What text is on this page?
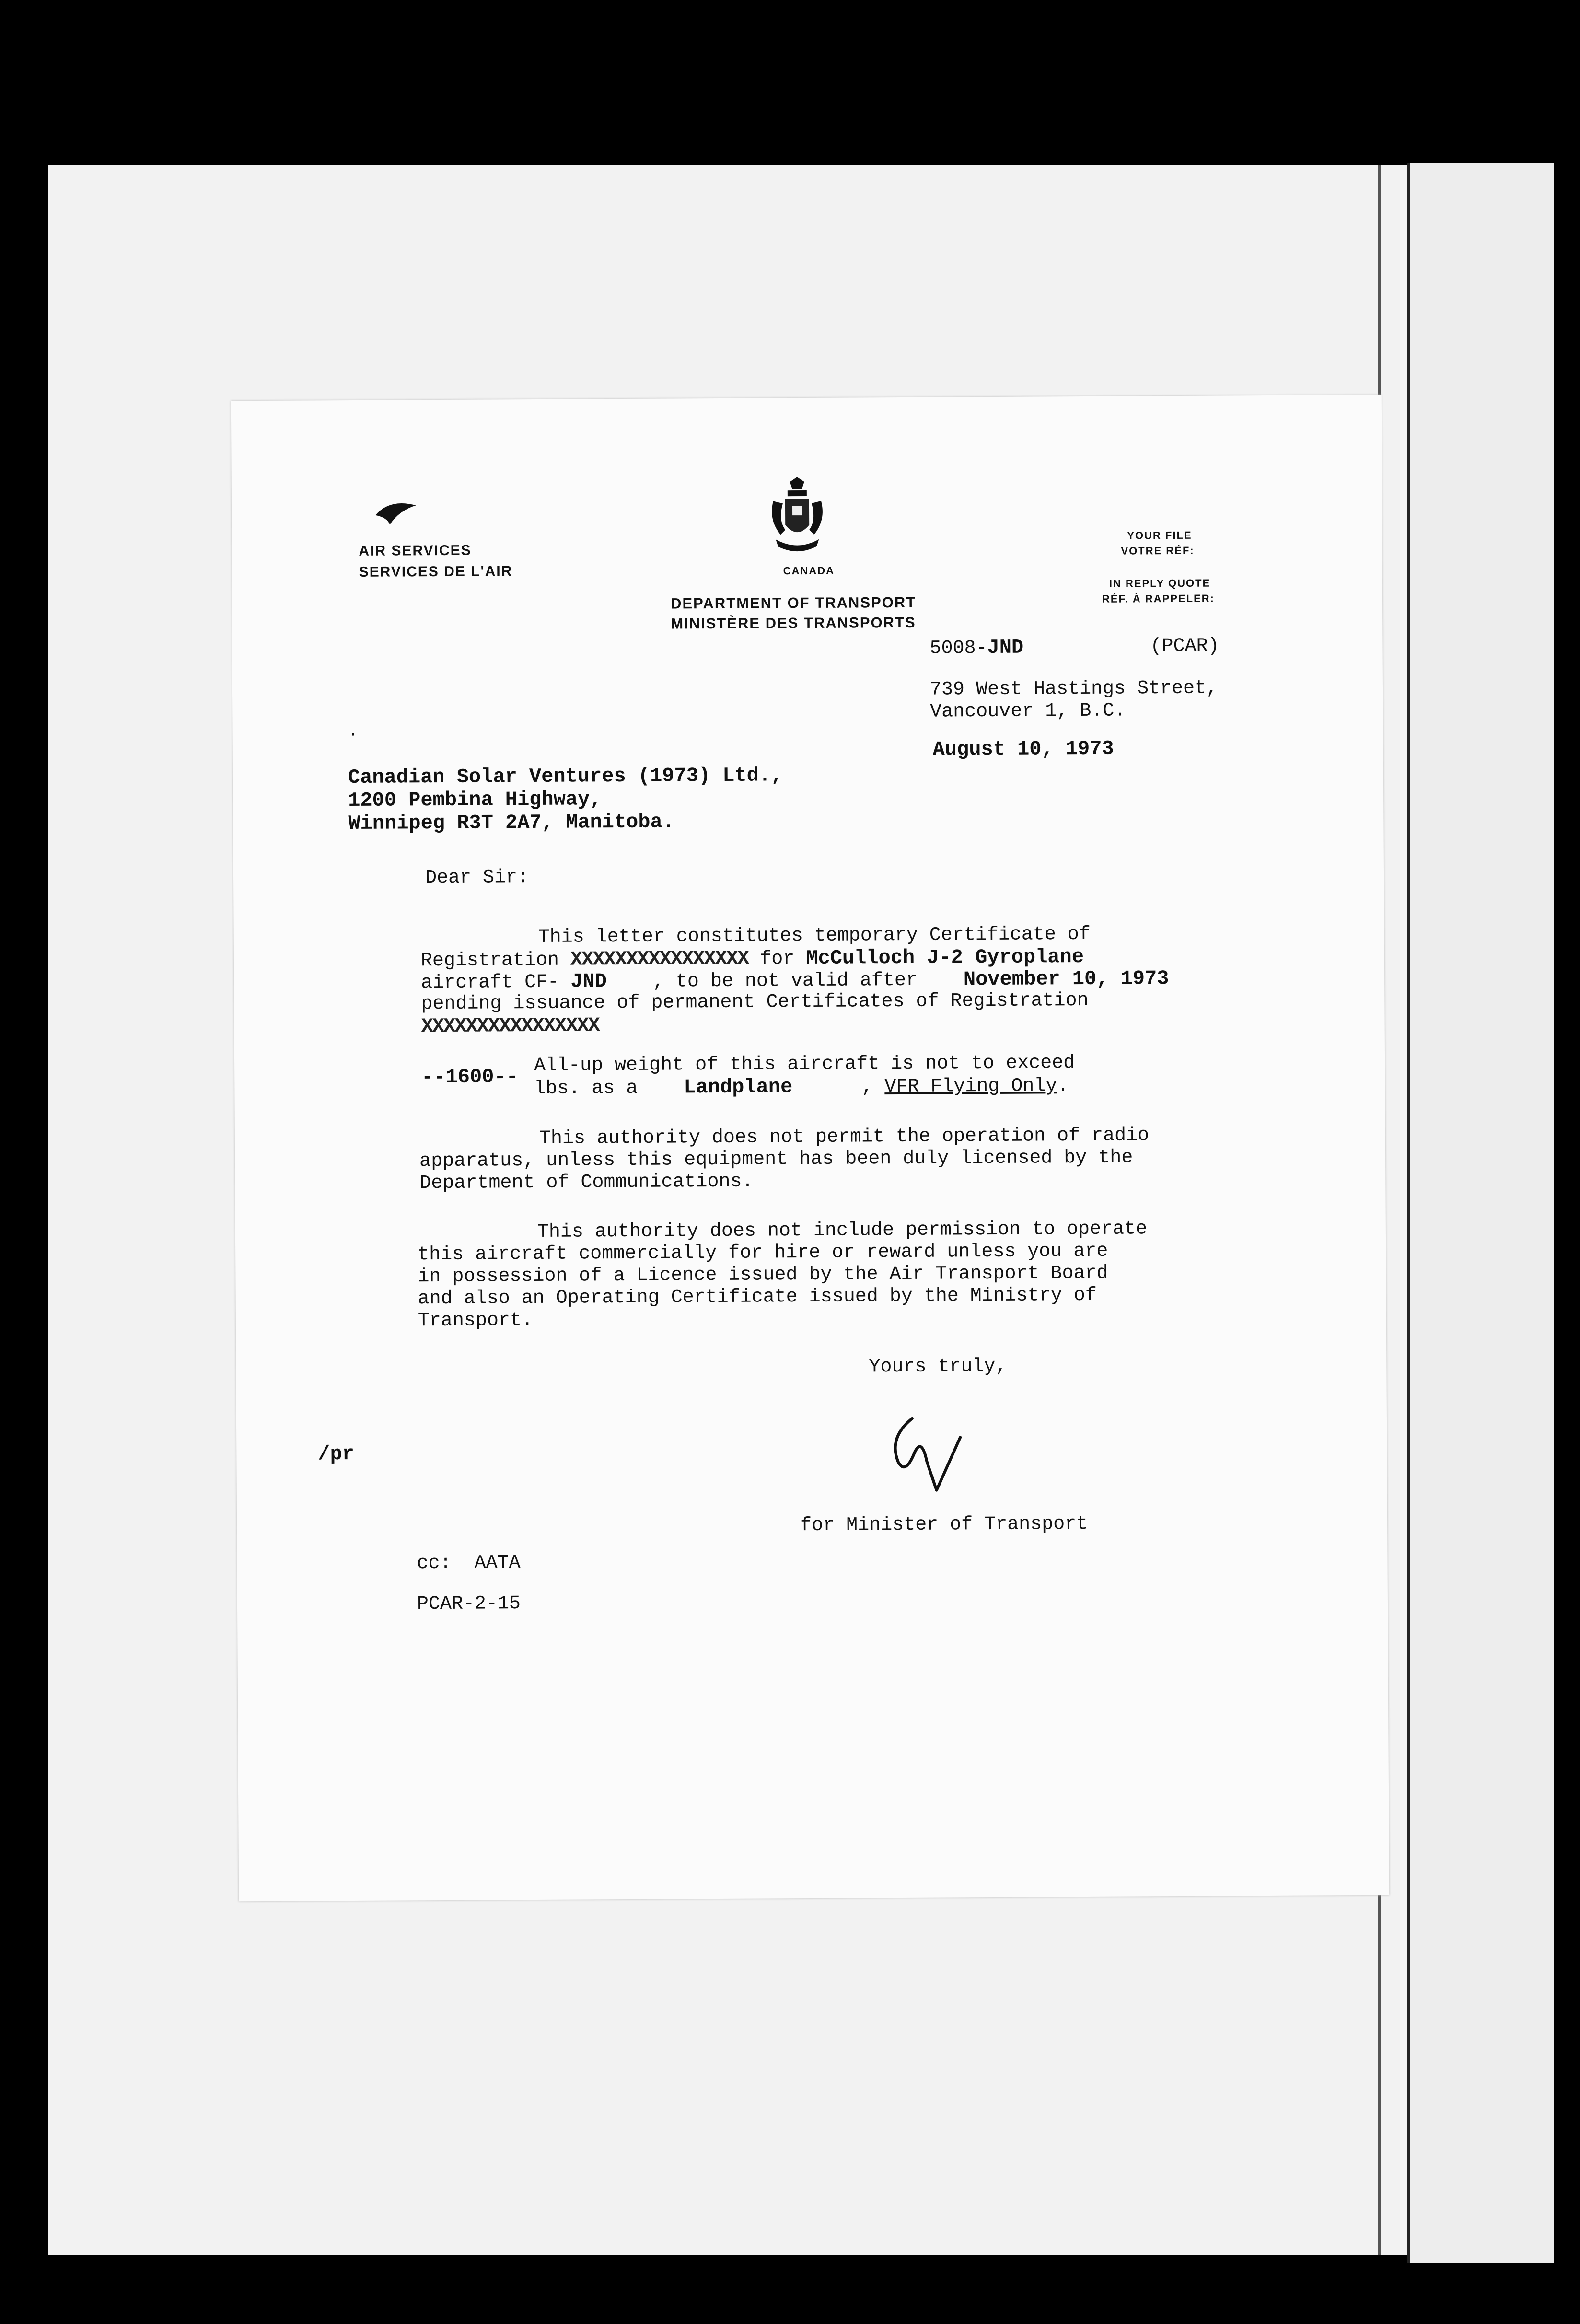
AIR SERVICES
SERVICES DE L'AIR	CANADA
DEPARTMENT OF TRANSPORT
MINISTÈRE DES TRANSPORTS
YOUR FILE
VOTRE RÉF:
IN REPLY QUOTE
RÉF. À RAPPELER:
5008-JND	(PCAR)
739 West Hastings Street,
Vancouver 1, B.C.
August 10, 1973
·
Canadian Solar Ventures (1973) Ltd.,
1200 Pembina Highway,
Winnipeg R3T 2A7, Manitoba.
Dear Sir:
This letter constitutes temporary Certificate of
Registration XXXXXXXXXXXXXXXX for McCulloch J-2 Gyroplane
aircraft CF- JND , to be not valid after November 10, 1973
pending issuance of permanent Certificates of Registration
XXXXXXXXXXXXXXXX
--1600--
All-up weight of this aircraft is not to exceed
lbs. as a Landplane	, VFR Flying Only.
This authority does not permit the operation of radio
apparatus, unless this equipment has been duly licensed by the
Department of Communications.
This authority does not include permission to operate
this aircraft commercially for hire or reward unless you are
in possession of a Licence issued by the Air Transport Board
and also an Operating Certificate issued by the Ministry of
Transport.
Yours truly,
/pr
for Minister of Transport
cc:  AATA
PCAR-2-15
